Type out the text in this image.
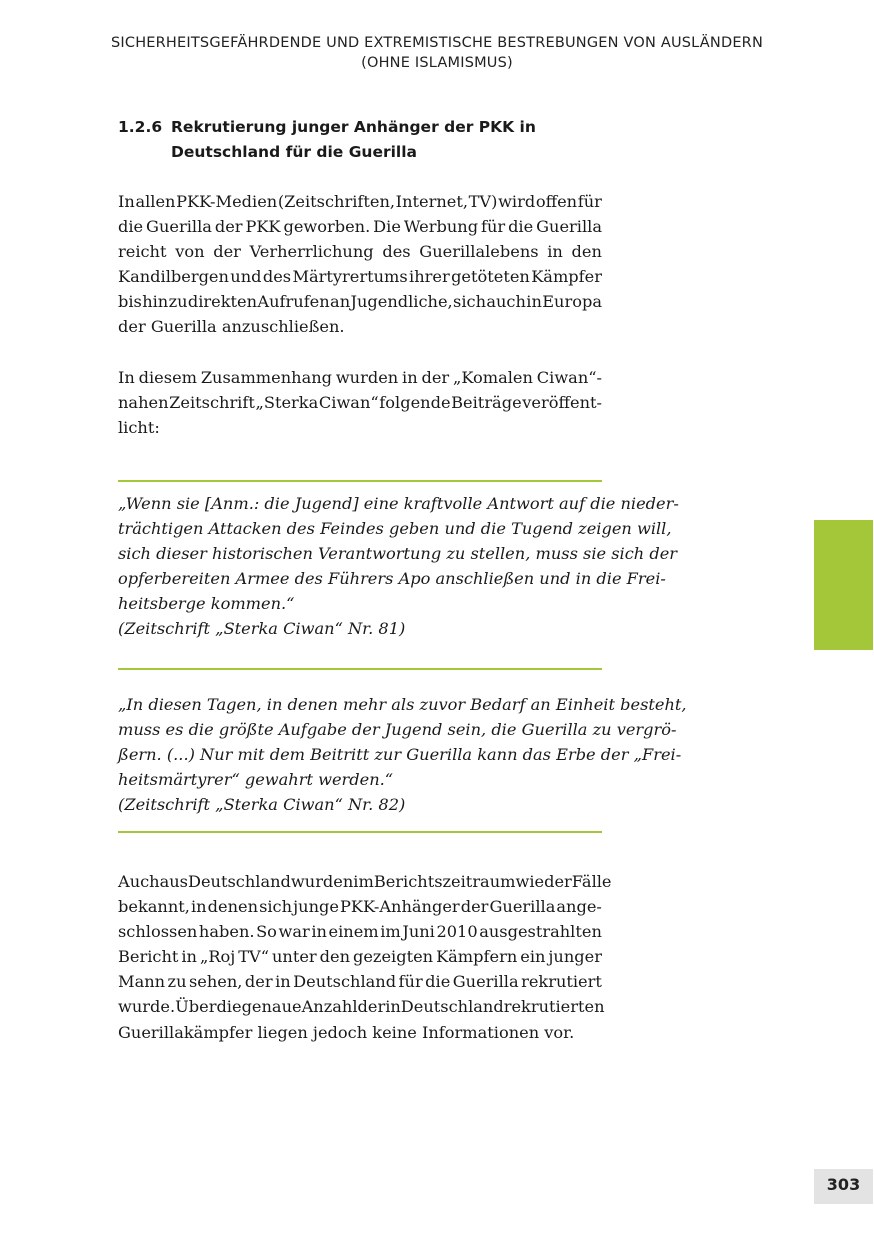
SICHERHEITSGEFÄHRDENDE UND EXTREMISTISCHE BESTREBUNGEN VON AUSLÄNDERN
(OHNE ISLAMISMUS)
1.2.6 Rekrutierung junger Anhänger der PKK in
Deutschland für die Guerilla
In allen PKK-Medien (Zeitschriften, Internet, TV) wird offen für
die Guerilla der PKK geworben. Die Werbung für die Guerilla
reicht von der Verherrlichung des Guerillalebens in den
Kandilbergen und des Märtyrertums ihrer getöteten Kämpfer
bis hin zu direkten Aufrufen an Jugendliche, sich auch in Europa
der Guerilla anzuschließen.
In diesem Zusammenhang wurden in der „Komalen Ciwan“-
nahen Zeitschrift „Sterka Ciwan“ folgende Beiträge veröffent-
licht:
„Wenn sie [Anm.: die Jugend] eine kraftvolle Antwort auf die nieder-
trächtigen Attacken des Feindes geben und die Tugend zeigen will,
sich dieser historischen Verantwortung zu stellen, muss sie sich der
opferbereiten Armee des Führers Apo anschließen und in die Frei-
heitsberge kommen.“
(Zeitschrift „Sterka Ciwan“ Nr. 81)
„In diesen Tagen, in denen mehr als zuvor Bedarf an Einheit besteht,
muss es die größte Aufgabe der Jugend sein, die Guerilla zu vergrö-
ßern. (...) Nur mit dem Beitritt zur Guerilla kann das Erbe der „Frei-
heitsmärtyrer“ gewahrt werden.“
(Zeitschrift „Sterka Ciwan“ Nr. 82)
Auch aus Deutschland wurden im Berichtszeitraum wieder Fälle
bekannt, in denen sich junge PKK-Anhänger der Guerilla ange-
schlossen haben. So war in einem im Juni 2010 ausgestrahlten
Bericht in „Roj TV“ unter den gezeigten Kämpfern ein junger
Mann zu sehen, der in Deutschland für die Guerilla rekrutiert
wurde. Über die genaue Anzahl der in Deutschland rekrutierten
Guerillakämpfer liegen jedoch keine Informationen vor.
303
